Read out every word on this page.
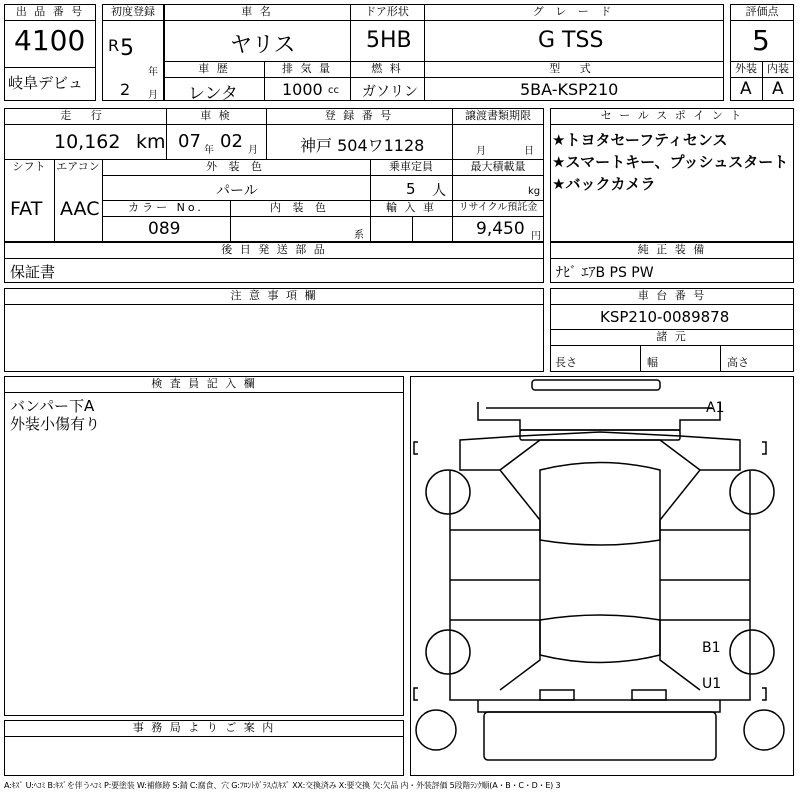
出 品 番 号
4100
岐阜デビュ
初度登録
R 5
年
2 月
車 名
ヤリス
ドア形状
5HB
グ レ ー ド
G TSS
車 歴
レンタ
排 気 量
1000 cc
燃 料
ガソリン
型 式
5BA-KSP210
評価点
5
外装 内装
A A
走 行
10,162 km
車 検
07 年 02 月
登 録 番 号
神戸 504ワ1128
譲渡書類期限
月	日
シフト
FAT
エアコン
AAC
外 装 色
パール
乗車定員
5 人
最大積載量
kg
カラー No.
089
内 装 色
系
輸 入 車	リサイクル預託金
9,450 円
セ ー ル ス ポ イ ン ト
★トヨタセーフティセンス
★スマートキー、プッシュスタート
★バックカメラ
後 日 発 送 部 品
保証書
純 正 装 備
ﾅﾋﾞ ｴｱB PS PW
注 意 事 項 欄	車 台 番 号
KSP210-0089878
諸 元
長さ	幅	高さ
検 査 員 記 入 欄
バンパー下A
外装小傷有り
事 務 局 よ り ご 案 内
A1
B1
U1
A:ｷｽﾞ U:ﾍｺﾐ B:ｷｽﾞを伴うﾍｺﾐ P:要塗装 W:補修跡 S:錆 C:腐食、穴 G:ﾌﾛﾝﾄｶﾞﾗｽ点ｷｽﾞ XX:交換済み X:要交換 欠:欠品 内・外装評価 5段階ﾗﾝｸ順(A・B・C・D・E) 3
